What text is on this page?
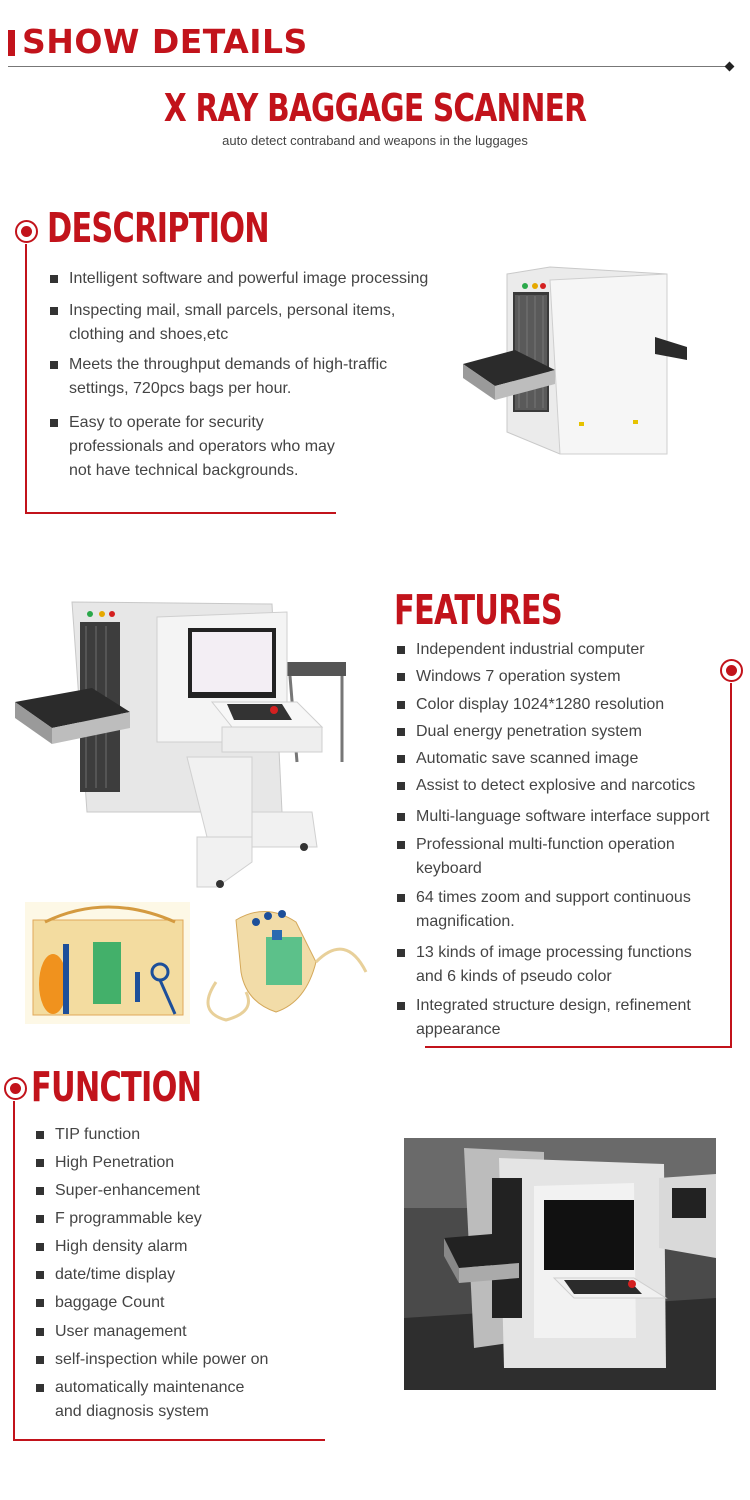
SHOW DETAILS
X RAY BAGGAGE SCANNER
auto detect contraband and weapons in the luggages
DESCRIPTION
Intelligent software and powerful image processing
Inspecting mail, small parcels, personal items, clothing and shoes,etc
Meets the throughput demands of high-traffic settings, 720pcs bags per hour.
Easy to operate for security professionals and operators who may not have technical backgrounds.
FEATURES
Independent industrial computer
Windows 7 operation system
Color display 1024*1280 resolution
Dual energy penetration system
Automatic save scanned image
Assist to detect explosive and narcotics
Multi-language software interface support
Professional multi-function operation keyboard
64 times zoom and support continuous magnification.
13 kinds of image processing functions and 6 kinds of pseudo color
Integrated structure design, refinement appearance
FUNCTION
TIP function
High Penetration
Super-enhancement
F programmable key
High density alarm
date/time display
baggage Count
User management
self-inspection while power on
automatically maintenance and diagnosis system
